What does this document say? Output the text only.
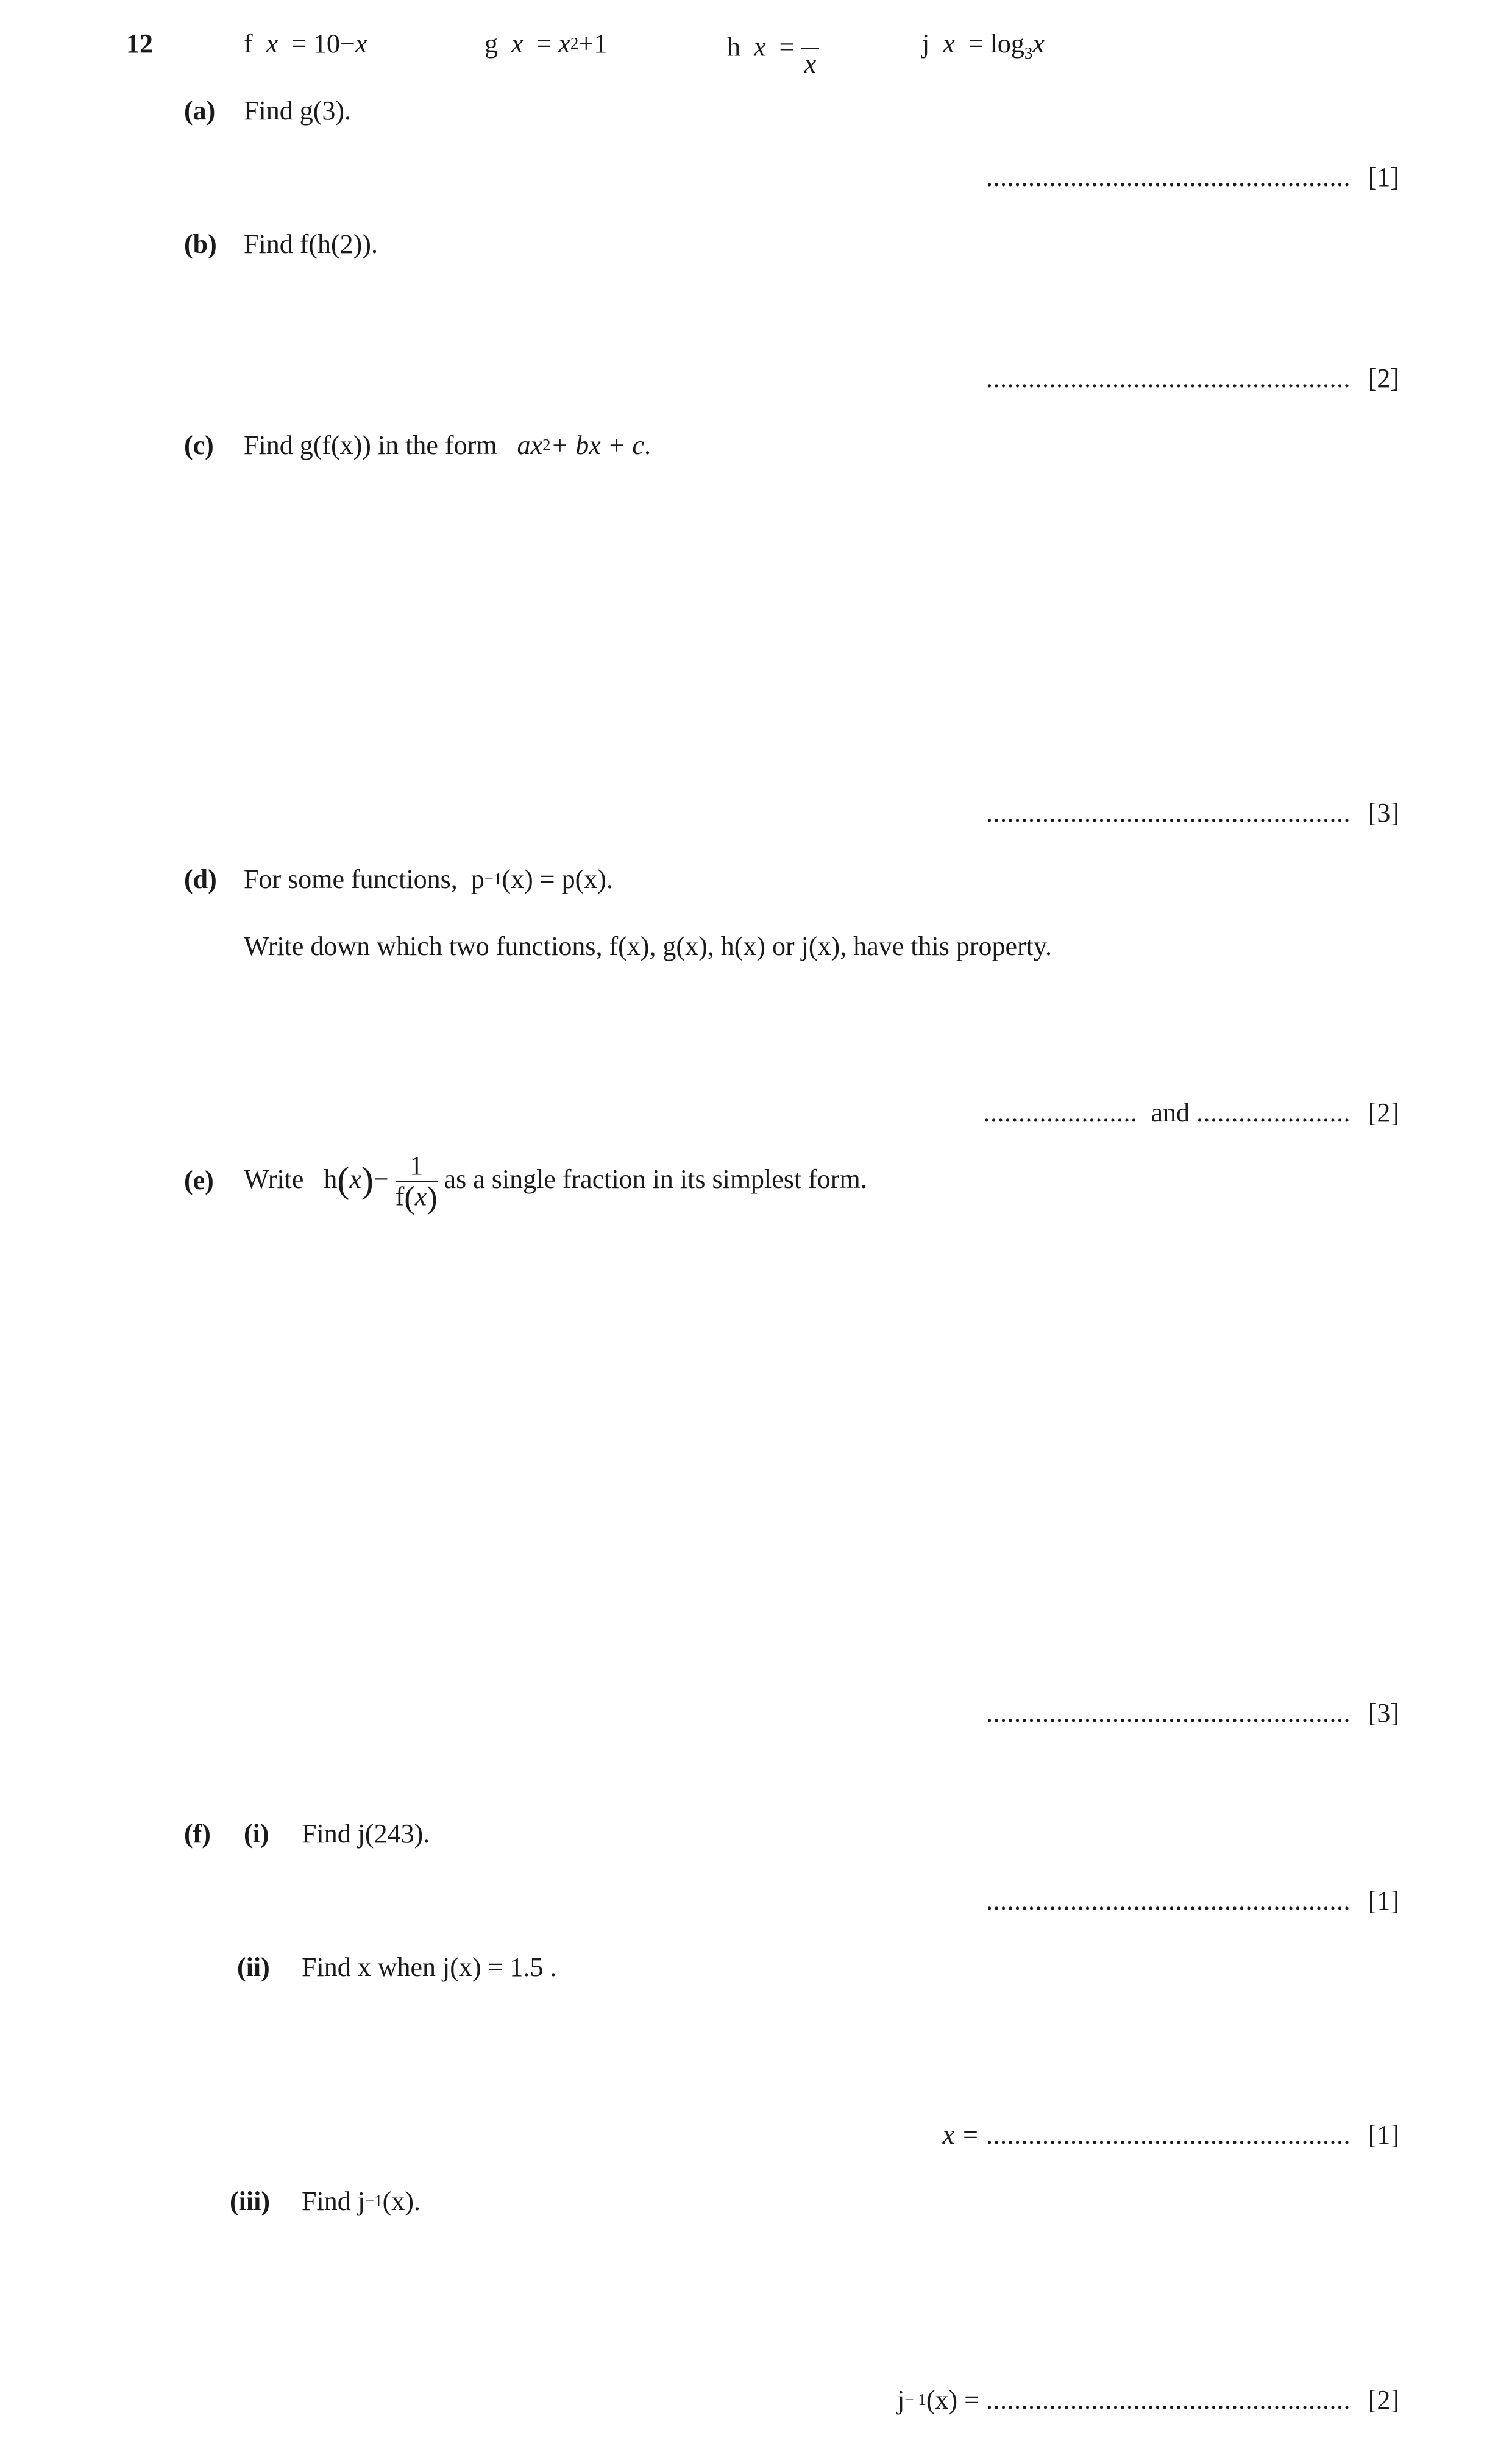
12	f x = 10−x	g $x = x^2+1$	h x =
x
j $x = \log_3x$
(a) Find g(3).
.................................................... [1]
(b) Find f(h(2)).
.................................................... [2]
(c) Find g(f(x)) in the form $ax^2+$ bx + c.
.................................................... [3]
(d) For some functions, $p^{-1}(x) = p(x)$.
Write down which two functions, f(x), g(x), h(x) or j(x), have this property.
...................... and ...................... [2]
(e) Write $h(x)- \frac{1}{f(x)}$ as a single fraction in its simplest form.
.................................................... [3]
(f) (i) Find j(243).
.................................................... [1]
(ii) Find x when j(x) = 1.5 .
x = .................................................... [1]
(iii) Find $j^{-1}(x)$.
$j^{- 1}(x)$ = .................................................... [2]
